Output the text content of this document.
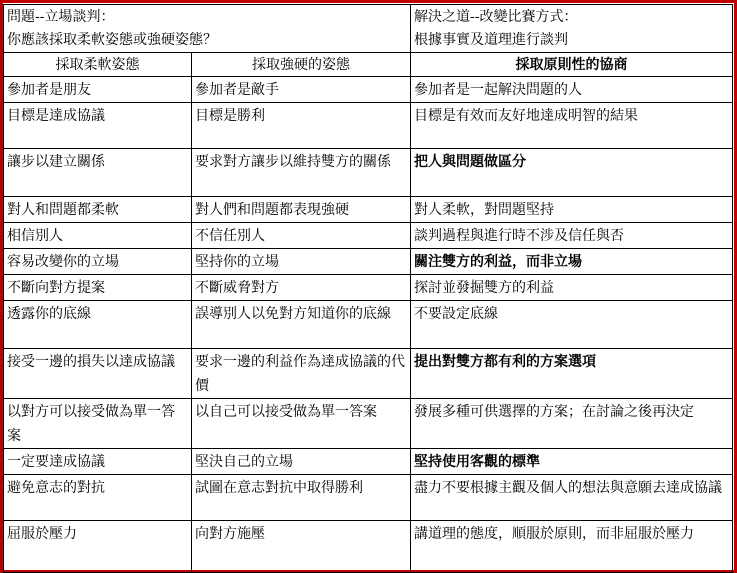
問題--立場談判：
你應該採取柔軟姿態或強硬姿態？		解決之道--改變比賽方式：
根據事實及道理進行談判

採取柔軟姿態	採取強硬的姿態	採取原則性的協商
參加者是朋友	參加者是敵手	參加者是一起解決問題的人
目標是達成協議	目標是勝利	目標是有效而友好地達成明智的結果
讓步以建立關係	要求對方讓步以維持雙方的關係	把人與問題做區分
對人和問題都柔軟	對人們和問題都表現強硬	對人柔軟，對問題堅持
相信別人	不信任別人	談判過程與進行時不涉及信任與否
容易改變你的立場	堅持你的立場	關注雙方的利益，而非立場
不斷向對方提案	不斷威脅對方	探討並發掘雙方的利益
透露你的底線	誤導別人以免對方知道你的底線	不要設定底線
接受一邊的損失以達成協議	要求一邊的利益作為達成協議的代價	提出對雙方都有利的方案選項
以對方可以接受做為單一答案	以自己可以接受做為單一答案	發展多種可供選擇的方案；在討論之後再決定
一定要達成協議	堅決自己的立場	堅持使用客觀的標準
避免意志的對抗	試圖在意志對抗中取得勝利	盡力不要根據主觀及個人的想法與意願去達成協議
屈服於壓力	向對方施壓	講道理的態度，順服於原則，而非屈服於壓力
